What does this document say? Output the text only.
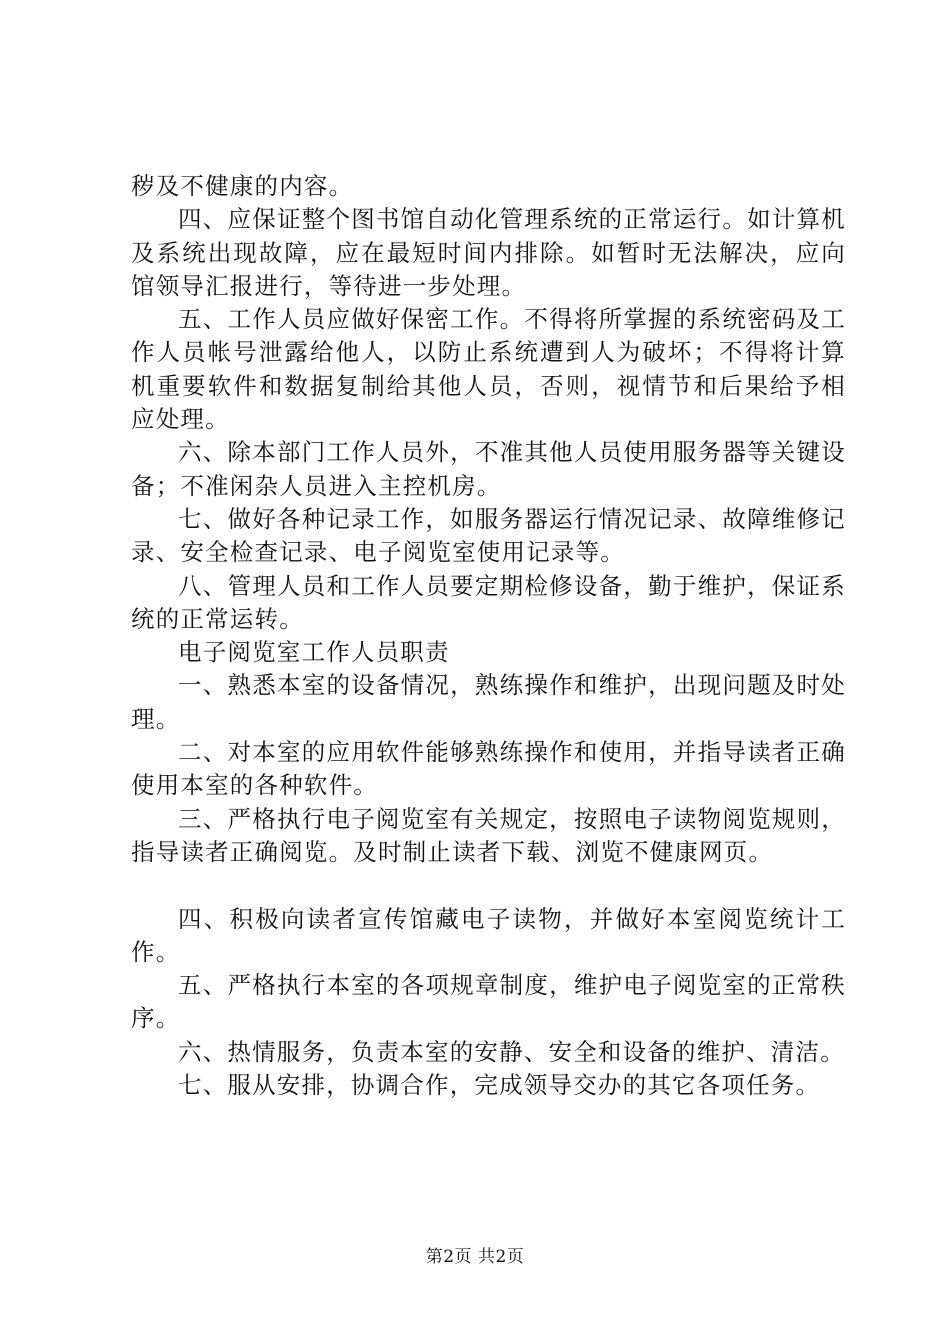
秽及不健康的内容。

四、应保证整个图书馆自动化管理系统的正常运行。如计算机及系统出现故障，应在最短时间内排除。如暂时无法解决，应向馆领导汇报进行，等待进一步处理。

五、工作人员应做好保密工作。不得将所掌握的系统密码及工作人员帐号泄露给他人，以防止系统遭到人为破坏；不得将计算机重要软件和数据复制给其他人员，否则，视情节和后果给予相应处理。

六、除本部门工作人员外，不准其他人员使用服务器等关键设备；不准闲杂人员进入主控机房。

七、做好各种记录工作，如服务器运行情况记录、故障维修记录、安全检查记录、电子阅览室使用记录等。

八、管理人员和工作人员要定期检修设备，勤于维护，保证系统的正常运转。

电子阅览室工作人员职责

一、熟悉本室的设备情况，熟练操作和维护，出现问题及时处理。

二、对本室的应用软件能够熟练操作和使用，并指导读者正确使用本室的各种软件。

三、严格执行电子阅览室有关规定，按照电子读物阅览规则，指导读者正确阅览。及时制止读者下载、浏览不健康网页。

四、积极向读者宣传馆藏电子读物，并做好本室阅览统计工作。

五、严格执行本室的各项规章制度，维护电子阅览室的正常秩序。

六、热情服务，负责本室的安静、安全和设备的维护、清洁。

七、服从安排，协调合作，完成领导交办的其它各项任务。

第2页 共2页
